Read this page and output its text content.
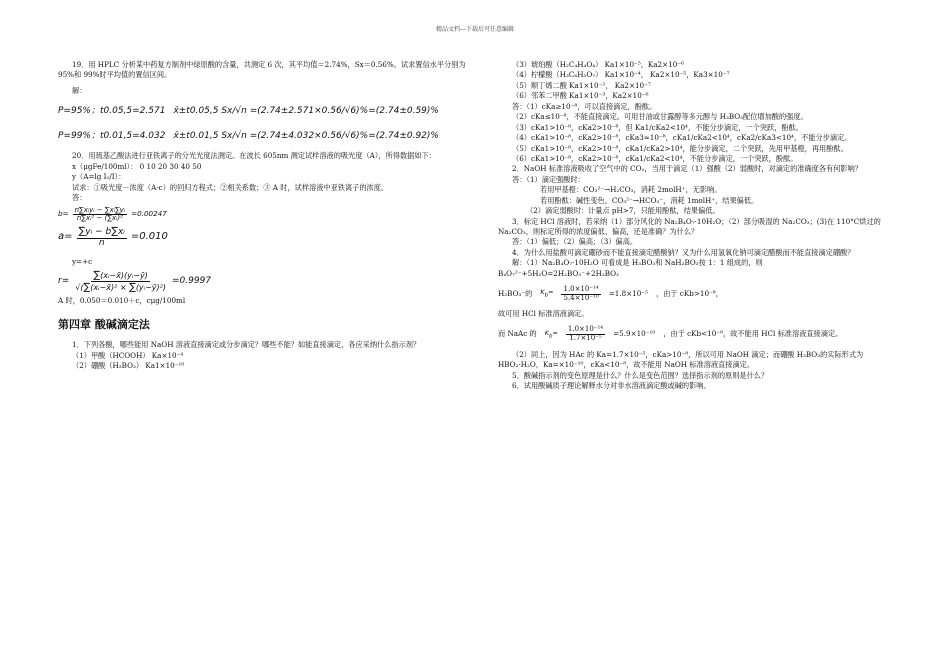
精品文档---下载后可任意编辑

19．用 HPLC 分析某中药复方制剂中绿原酸的含量，共测定 6 次，其平均值＝2.74%，Sx＝0.56%。试求置信水平分别为 95%和 99%时平均值的置信区间。

解：

P=95%；t0.05,5=2.571 x̄±t0.05,5 Sx/√n =(2.74±2.571×0.56/√6)%=(2.74±0.59)%
P=99%；t0.01,5=4.032 x̄±t0.01,5 Sx/√n =(2.74±4.032×0.56/√6)%=(2.74±0.92)%

20．用巯基乙酸法进行亚铁离子的分光光度法测定。在波长 605nm 测定试样溶液的吸光度（A），所得数据如下：

x（μgFe/100ml）： 0 10 20 30 40 50

y（A=lg I₀/I）：

试求：①吸光度－浓度（A-c）的回归方程式；②相关系数；③ A 时，试样溶液中亚铁离子的浓度。

答：

$b= \frac{\text{n∑xᵢyᵢ − ∑xᵢ∑yᵢ}}{\text{n∑xᵢ² − (∑xᵢ)²}} =0.00247$
$a= \frac{\text{∑yᵢ − b∑xᵢ}}{n} =0.010$

y=+c

$r= \frac{\text{∑(xᵢ−x̄)(yᵢ−ȳ)}}{\text{√(∑(xᵢ−x̄)² × ∑(yᵢ−ȳ)²)}} =0.9997$

A 时，0.050＝0.010＋c，cμg/100ml

第四章 酸碱滴定法

1．下列各酸，哪些能用 NaOH 溶液直接滴定或分步滴定？哪些不能？如能直接滴定，各应采纳什么指示剂？

（1）甲酸（HCOOH） Ka×10⁻⁴

（2）硼酸（H₃BO₃） Ka1×10⁻¹⁰

（3）琥珀酸（H₂C₄H₄O₄） Ka1×10⁻⁵，Ka2×10⁻⁶

（4）柠檬酸（H₃C₆H₅O₇） Ka1×10⁻⁴， Ka2×10⁻⁵，Ka3×10⁻⁷

（5）顺丁烯二酸 Ka1×10⁻²， Ka2×10⁻⁷

（6）邻苯二甲酸 Ka1×10⁻³，Ka2×10⁻⁶

答：（1）cKa≥10⁻⁸，可以直接滴定，酚酞。

（2）cKa≤10⁻⁸，不能直接滴定。可用甘油或甘露醇等多元醇与 H₃BO₃配位增加酸的强度。

（3）cKa1>10⁻⁸，cKa2>10⁻⁸，但 Ka1/cKa2<10⁴，不能分步滴定，一个突跃，酚酞。

（4）cKa1>10⁻⁸，cKa2>10⁻⁸，cKa3≈10⁻⁸，cKa1/cKa2<10⁴，cKa2/cKa3<10⁴，不能分步滴定。

（5）cKa1>10⁻⁸，cKa2>10⁻⁸，cKa1/cKa2>10⁴，能分步滴定，二个突跃，先用甲基橙，再用酚酞。

（6）cKa1>10⁻⁸，cKa2>10⁻⁸，cKa1/cKa2<10⁴，不能分步滴定，一个突跃，酚酞。

2．NaOH 标准溶液吸收了空气中的 CO₂，当用于滴定（1）强酸（2）弱酸时，对滴定的准确度各有何影响？

答：（1）滴定强酸时：

若用甲基橙：CO₃²⁻→H₂CO₃，消耗 2molH⁺，无影响。

若用酚酞：碱性变色，CO₃²⁻→HCO₃⁻，消耗 1molH⁺，结果偏低。

（2）滴定弱酸时：计量点 pH>7，只能用酚酞，结果偏低。

3．标定 HCl 溶液时，若采纳（1）部分风化的 Na₂B₄O₇·10H₂O；（2）部分吸湿的 Na₂CO₃；(3)在 110°C烘过的 Na₂CO₃，则标定所得的浓度偏低、偏高，还是准确？为什么？

答：（1）偏低；（2）偏高；（3）偏高。

4．为什么用盐酸可滴定硼砂而不能直接滴定醋酸钠？又为什么用氢氧化钠可滴定醋酸而不能直接滴定硼酸？

解：（1）Na₂B₄O₇·10H₂O 可看成是 H₃BO₃和 NaH₂BO₃按 1：1 组成的，则

B₄O₇²⁻+5H₂O=2H₂BO₃⁻+2H₃BO₃

H₂BO₃⁻的 $K_b= \frac{\text{1.0×10⁻¹⁴}}{\text{5.4×10⁻¹⁰}} =1.8\times 10^{-5}$ ，由于 cKb>10⁻⁸，

故可用 HCl 标准溶液滴定。

而 NaAc 的 $K_b= \frac{\text{1.0×10⁻¹⁴}}{\text{1.7×10⁻⁵}} =5.9\times 10^{-10}$ ，由于 cKb<10⁻⁸，故不能用 HCl 标准溶液直接滴定。

（2）同上，因为 HAc 的 Ka=1.7×10⁻⁵，cKa>10⁻⁸，所以可用 NaOH 滴定；而硼酸 H₃BO₃的实际形式为 HBO₂·H₂O，Ka=×10⁻¹⁰，cKa<10⁻⁸，故不能用 NaOH 标准溶液直接滴定。

5．酸碱指示剂的变色原理是什么？什么是变色范围？选择指示剂的原则是什么？

6．试用酸碱质子理论解释水分对非水溶液滴定酸或碱的影响。
